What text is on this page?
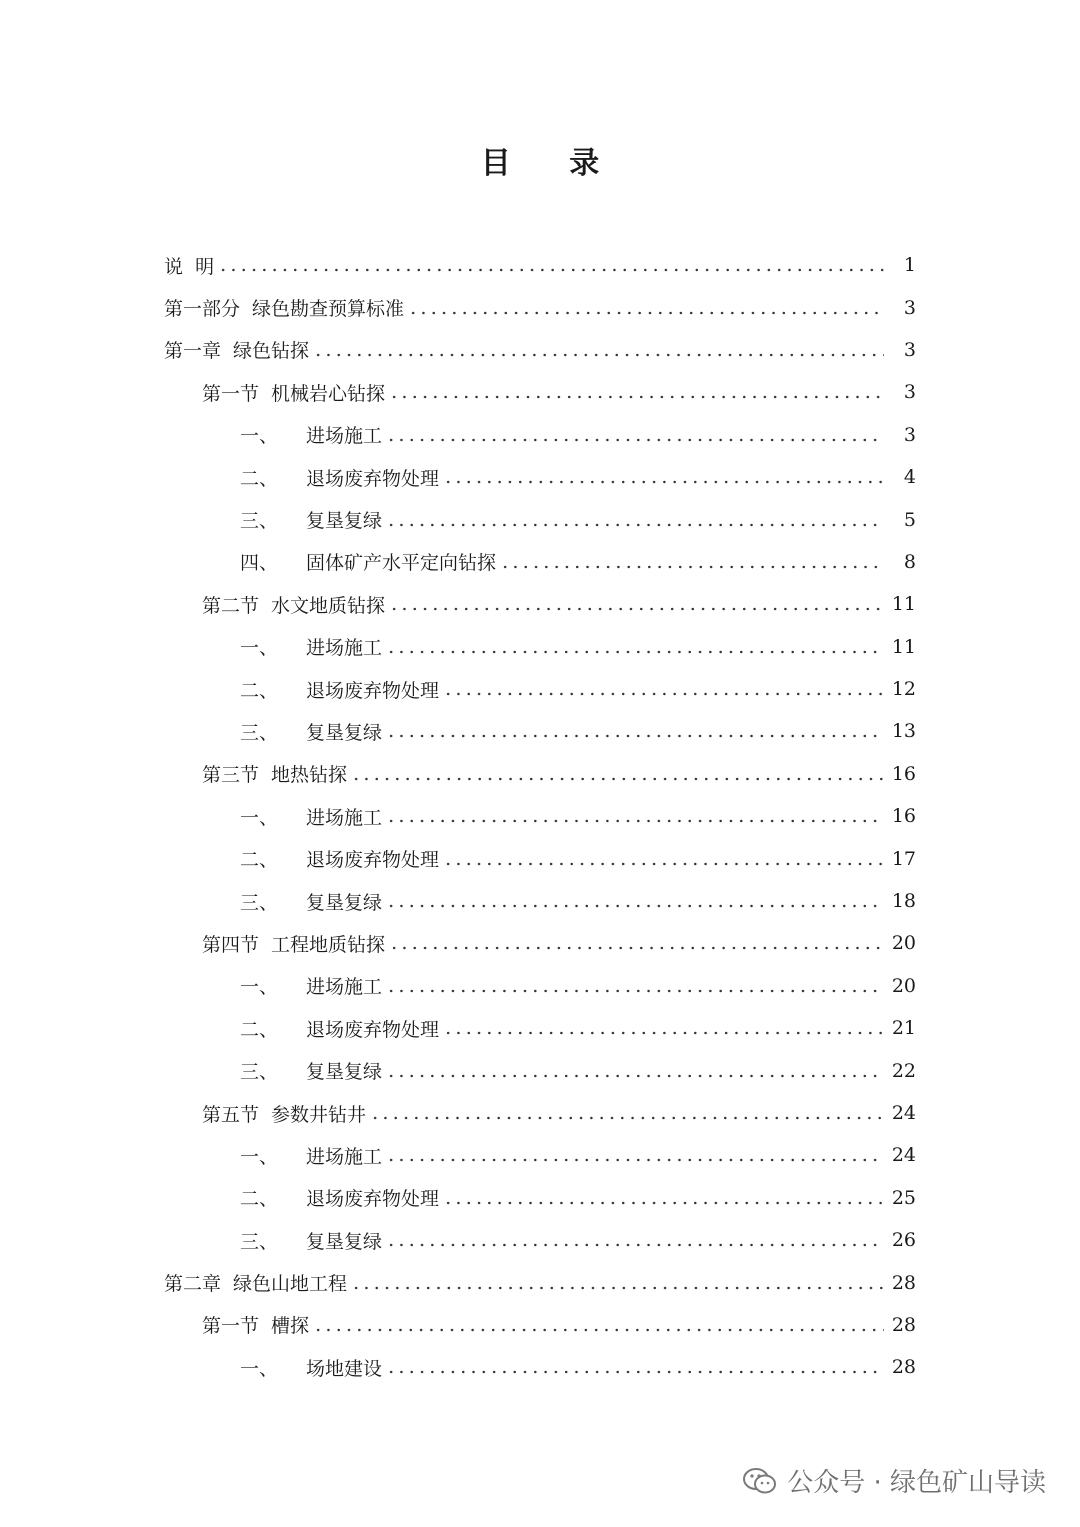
目 录
说  明	1
第一部分 绿色勘查预算标准	3
第一章 绿色钻探	3
第一节 机械岩心钻探	3
一、	进场施工	3
二、	退场废弃物处理	4
三、	复垦复绿	5
四、	固体矿产水平定向钻探	8
第二节 水文地质钻探	11
一、	进场施工	11
二、	退场废弃物处理	12
三、	复垦复绿	13
第三节 地热钻探	16
一、	进场施工	16
二、	退场废弃物处理	17
三、	复垦复绿	18
第四节 工程地质钻探	20
一、	进场施工	20
二、	退场废弃物处理	21
三、	复垦复绿	22
第五节 参数井钻井	24
一、	进场施工	24
二、	退场废弃物处理	25
三、	复垦复绿	26
第二章 绿色山地工程	28
第一节 槽探	28
一、	场地建设	28
公众号 · 绿色矿山导读
